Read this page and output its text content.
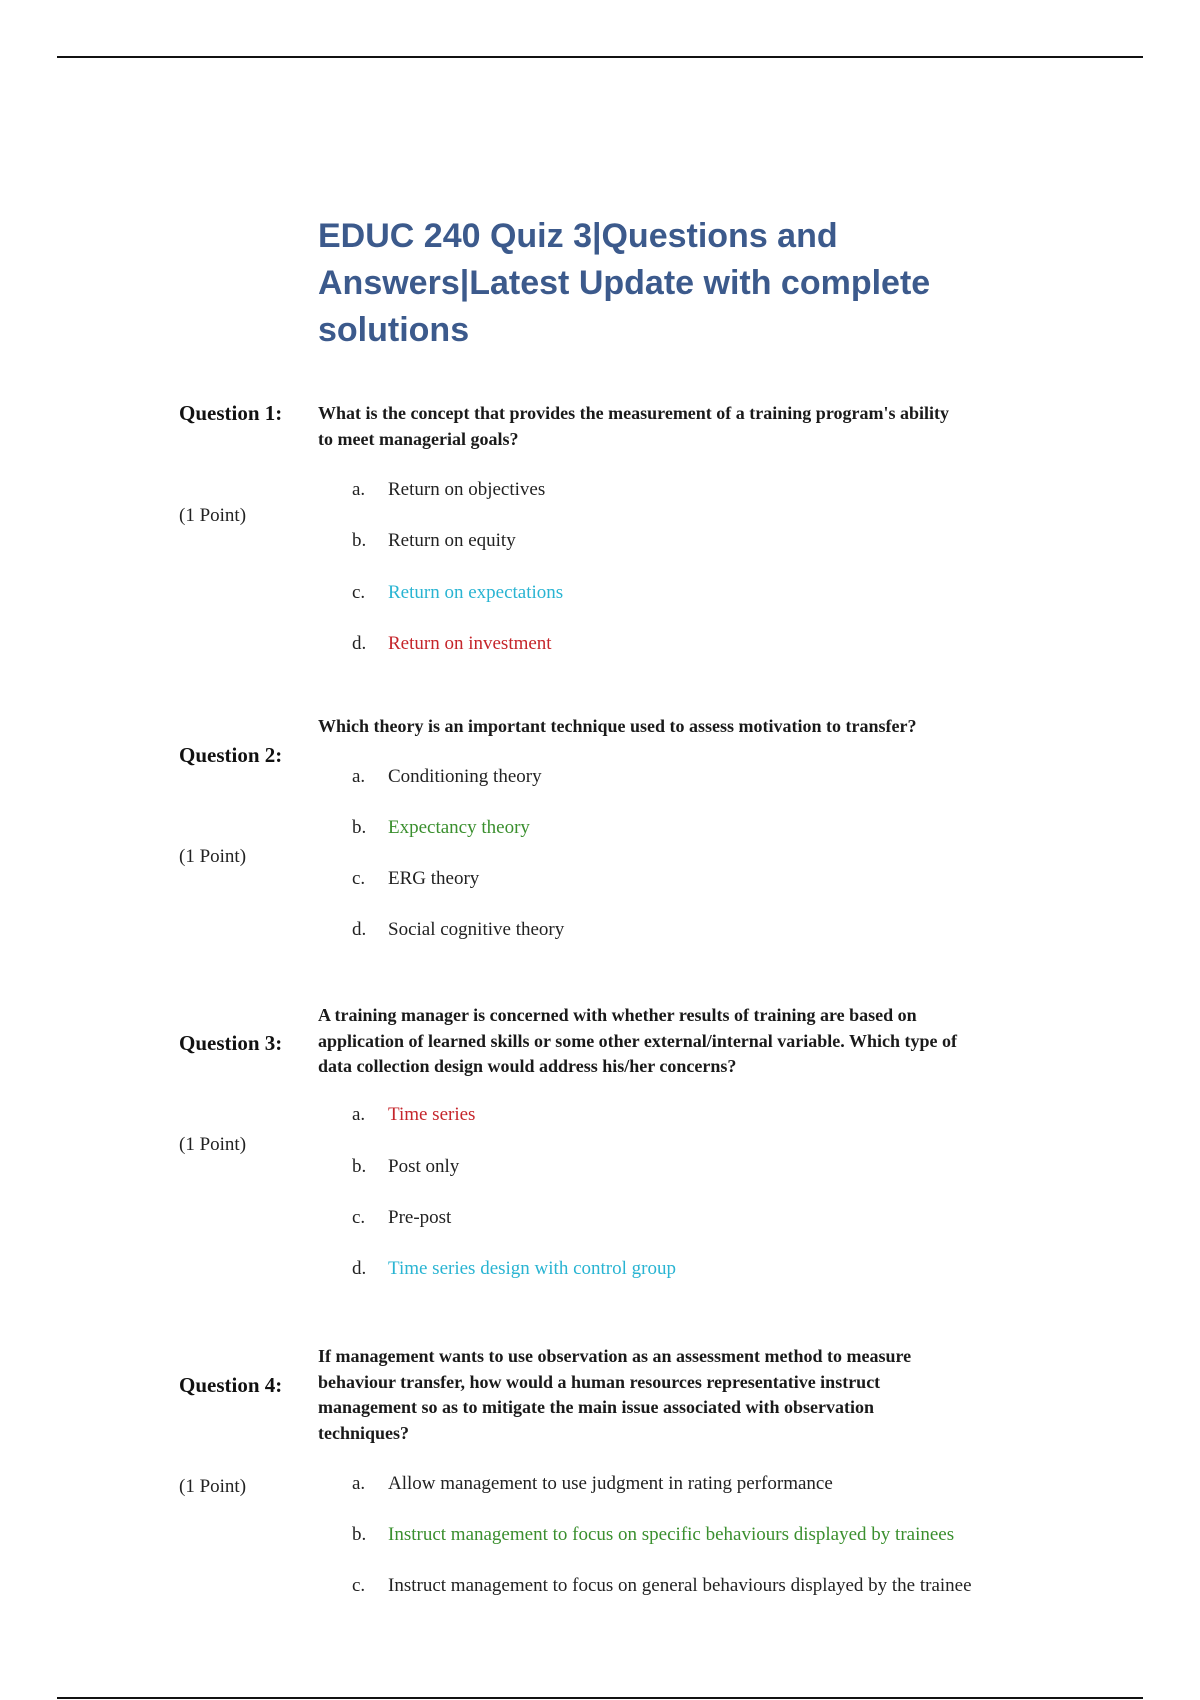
EDUC 240 Quiz 3|Questions and
Answers|Latest Update with complete
solutions
Question 1: What is the concept that provides the measurement of a training program's ability
to meet managerial goals?
(1 Point)
a. Return on objectives
b. Return on equity
c. Return on expectations
d. Return on investment
Question 2:
Which theory is an important technique used to assess motivation to transfer?
(1 Point)
a. Conditioning theory
b. Expectancy theory
c. ERG theory
d. Social cognitive theory
Question 3:
A training manager is concerned with whether results of training are based on
application of learned skills or some other external/internal variable. Which type of
data collection design would address his/her concerns?
(1 Point)
a. Time series
b. Post only
c. Pre-post
d. Time series design with control group
Question 4:
If management wants to use observation as an assessment method to measure
behaviour transfer, how would a human resources representative instruct
management so as to mitigate the main issue associated with observation
techniques?
(1 Point)	a. Allow management to use judgment in rating performance
b. Instruct management to focus on specific behaviours displayed by trainees
c. Instruct management to focus on general behaviours displayed by the trainee
